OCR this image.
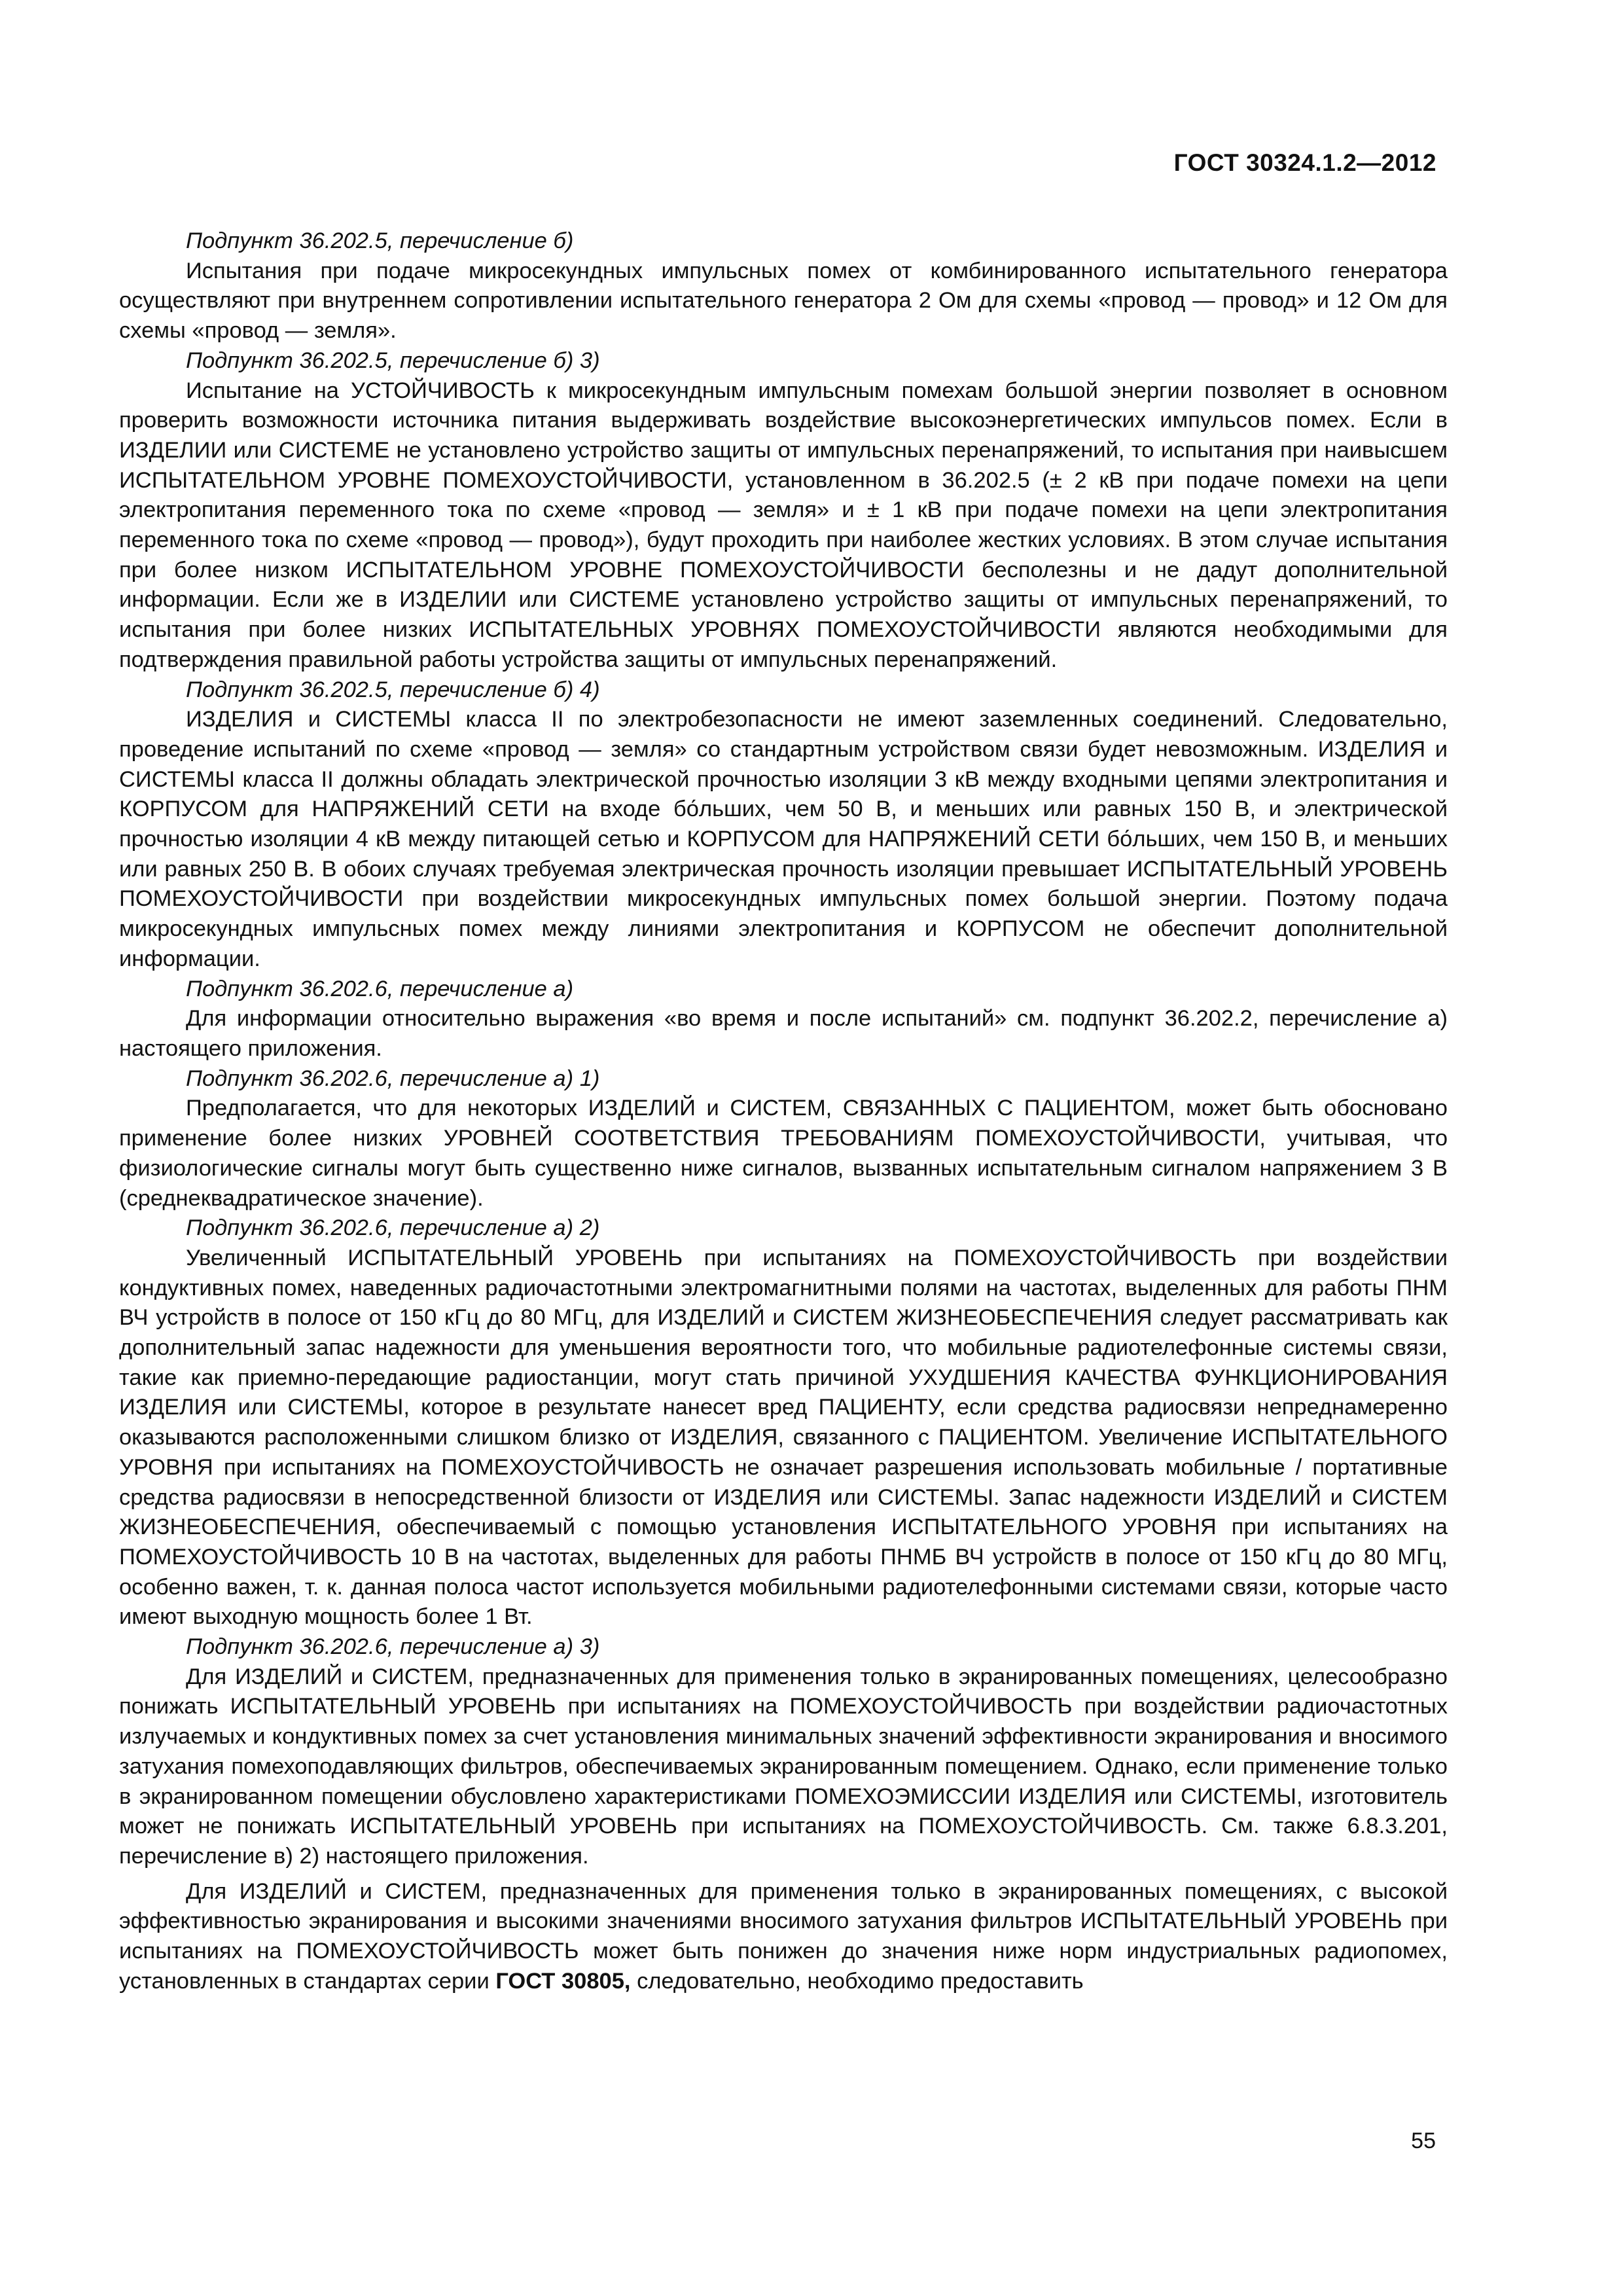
ГОСТ 30324.1.2—2012

Подпункт 36.202.5, перечисление б)

Испытания при подаче микросекундных импульсных помех от комбинированного испытательного генератора осуществляют при внутреннем сопротивлении испытательного генератора 2 Ом для схемы «провод — провод» и 12 Ом для схемы «провод — земля».

Подпункт 36.202.5, перечисление б) 3)

Испытание на УСТОЙЧИВОСТЬ к микросекундным импульсным помехам большой энергии позволяет в основном проверить возможности источника питания выдерживать воздействие высокоэнергетических импульсов помех. Если в ИЗДЕЛИИ или СИСТЕМЕ не установлено устройство защиты от импульсных перенапряжений, то испытания при наивысшем ИСПЫТАТЕЛЬНОМ УРОВНЕ ПОМЕХОУСТОЙЧИВОСТИ, установленном в 36.202.5 (± 2 кВ при подаче помехи на цепи электропитания переменного тока по схеме «провод — земля» и ± 1 кВ при подаче помехи на цепи электропитания переменного тока по схеме «провод — провод»), будут проходить при наиболее жестких условиях. В этом случае испытания при более низком ИСПЫТАТЕЛЬНОМ УРОВНЕ ПОМЕХОУСТОЙЧИВОСТИ бесполезны и не дадут дополнительной информации. Если же в ИЗДЕЛИИ или СИСТЕМЕ установлено устройство защиты от импульсных перенапряжений, то испытания при более низких ИСПЫТАТЕЛЬНЫХ УРОВНЯХ ПОМЕХОУСТОЙЧИВОСТИ являются необходимыми для подтверждения правильной работы устройства защиты от импульсных перенапряжений.

Подпункт 36.202.5, перечисление б) 4)

ИЗДЕЛИЯ и СИСТЕМЫ класса II по электробезопасности не имеют заземленных соединений. Следовательно, проведение испытаний по схеме «провод — земля» со стандартным устройством связи будет невозможным. ИЗДЕЛИЯ и СИСТЕМЫ класса II должны обладать электрической прочностью изоляции 3 кВ между входными цепями электропитания и КОРПУСОМ для НАПРЯЖЕНИЙ СЕТИ на входе бо́льших, чем 50 В, и меньших или равных 150 В, и электрической прочностью изоляции 4 кВ между питающей сетью и КОРПУСОМ для НАПРЯЖЕНИЙ СЕТИ бо́льших, чем 150 В, и меньших или равных 250 В. В обоих случаях требуемая электрическая прочность изоляции превышает ИСПЫТАТЕЛЬНЫЙ УРОВЕНЬ ПОМЕХОУСТОЙЧИВОСТИ при воздействии микросекундных импульсных помех большой энергии. Поэтому подача микросекундных импульсных помех между линиями электропитания и КОРПУСОМ не обеспечит дополнительной информации.

Подпункт 36.202.6, перечисление а)

Для информации относительно выражения «во время и после испытаний» см. подпункт 36.202.2, перечисление а) настоящего приложения.

Подпункт 36.202.6, перечисление а) 1)

Предполагается, что для некоторых ИЗДЕЛИЙ и СИСТЕМ, СВЯЗАННЫХ С ПАЦИЕНТОМ, может быть обосновано применение более низких УРОВНЕЙ СООТВЕТСТВИЯ ТРЕБОВАНИЯМ ПОМЕХОУСТОЙЧИВОСТИ, учитывая, что физиологические сигналы могут быть существенно ниже сигналов, вызванных испытательным сигналом напряжением 3 В (среднеквадратическое значение).

Подпункт 36.202.6, перечисление а) 2)

Увеличенный ИСПЫТАТЕЛЬНЫЙ УРОВЕНЬ при испытаниях на ПОМЕХОУСТОЙЧИВОСТЬ при воздействии кондуктивных помех, наведенных радиочастотными электромагнитными полями на частотах, выделенных для работы ПНМ ВЧ устройств в полосе от 150 кГц до 80 МГц, для ИЗДЕЛИЙ и СИСТЕМ ЖИЗНЕОБЕСПЕЧЕНИЯ следует рассматривать как дополнительный запас надежности для уменьшения вероятности того, что мобильные радиотелефонные системы связи, такие как приемно-передающие радиостанции, могут стать причиной УХУДШЕНИЯ КАЧЕСТВА ФУНКЦИОНИРОВАНИЯ ИЗДЕЛИЯ или СИСТЕМЫ, которое в результате нанесет вред ПАЦИЕНТУ, если средства радиосвязи непреднамеренно оказываются расположенными слишком близко от ИЗДЕЛИЯ, связанного с ПАЦИЕНТОМ. Увеличение ИСПЫТАТЕЛЬНОГО УРОВНЯ при испытаниях на ПОМЕХОУСТОЙЧИВОСТЬ не означает разрешения использовать мобильные / портативные средства радиосвязи в непосредственной близости от ИЗДЕЛИЯ или СИСТЕМЫ. Запас надежности ИЗДЕЛИЙ и СИСТЕМ ЖИЗНЕОБЕСПЕЧЕНИЯ, обеспечиваемый с помощью установления ИСПЫТАТЕЛЬНОГО УРОВНЯ при испытаниях на ПОМЕХОУСТОЙЧИВОСТЬ 10 В на частотах, выделенных для работы ПНМБ ВЧ устройств в полосе от 150 кГц до 80 МГц, особенно важен, т. к. данная полоса частот используется мобильными радиотелефонными системами связи, которые часто имеют выходную мощность более 1 Вт.

Подпункт 36.202.6, перечисление а) 3)

Для ИЗДЕЛИЙ и СИСТЕМ, предназначенных для применения только в экранированных помещениях, целесообразно понижать ИСПЫТАТЕЛЬНЫЙ УРОВЕНЬ при испытаниях на ПОМЕХОУСТОЙЧИВОСТЬ при воздействии радиочастотных излучаемых и кондуктивных помех за счет установления минимальных значений эффективности экранирования и вносимого затухания помехоподавляющих фильтров, обеспечиваемых экранированным помещением. Однако, если применение только в экранированном помещении обусловлено характеристиками ПОМЕХОЭМИССИИ ИЗДЕЛИЯ или СИСТЕМЫ, изготовитель может не понижать ИСПЫТАТЕЛЬНЫЙ УРОВЕНЬ при испытаниях на ПОМЕХОУСТОЙЧИВОСТЬ. См. также 6.8.3.201, перечисление в) 2) настоящего приложения.

Для ИЗДЕЛИЙ и СИСТЕМ, предназначенных для применения только в экранированных помещениях, с высокой эффективностью экранирования и высокими значениями вносимого затухания фильтров ИСПЫТАТЕЛЬНЫЙ УРОВЕНЬ при испытаниях на ПОМЕХОУСТОЙЧИВОСТЬ может быть понижен до значения ниже норм индустриальных радиопомех, установленных в стандартах серии ГОСТ 30805, следовательно, необходимо предоставить

55
